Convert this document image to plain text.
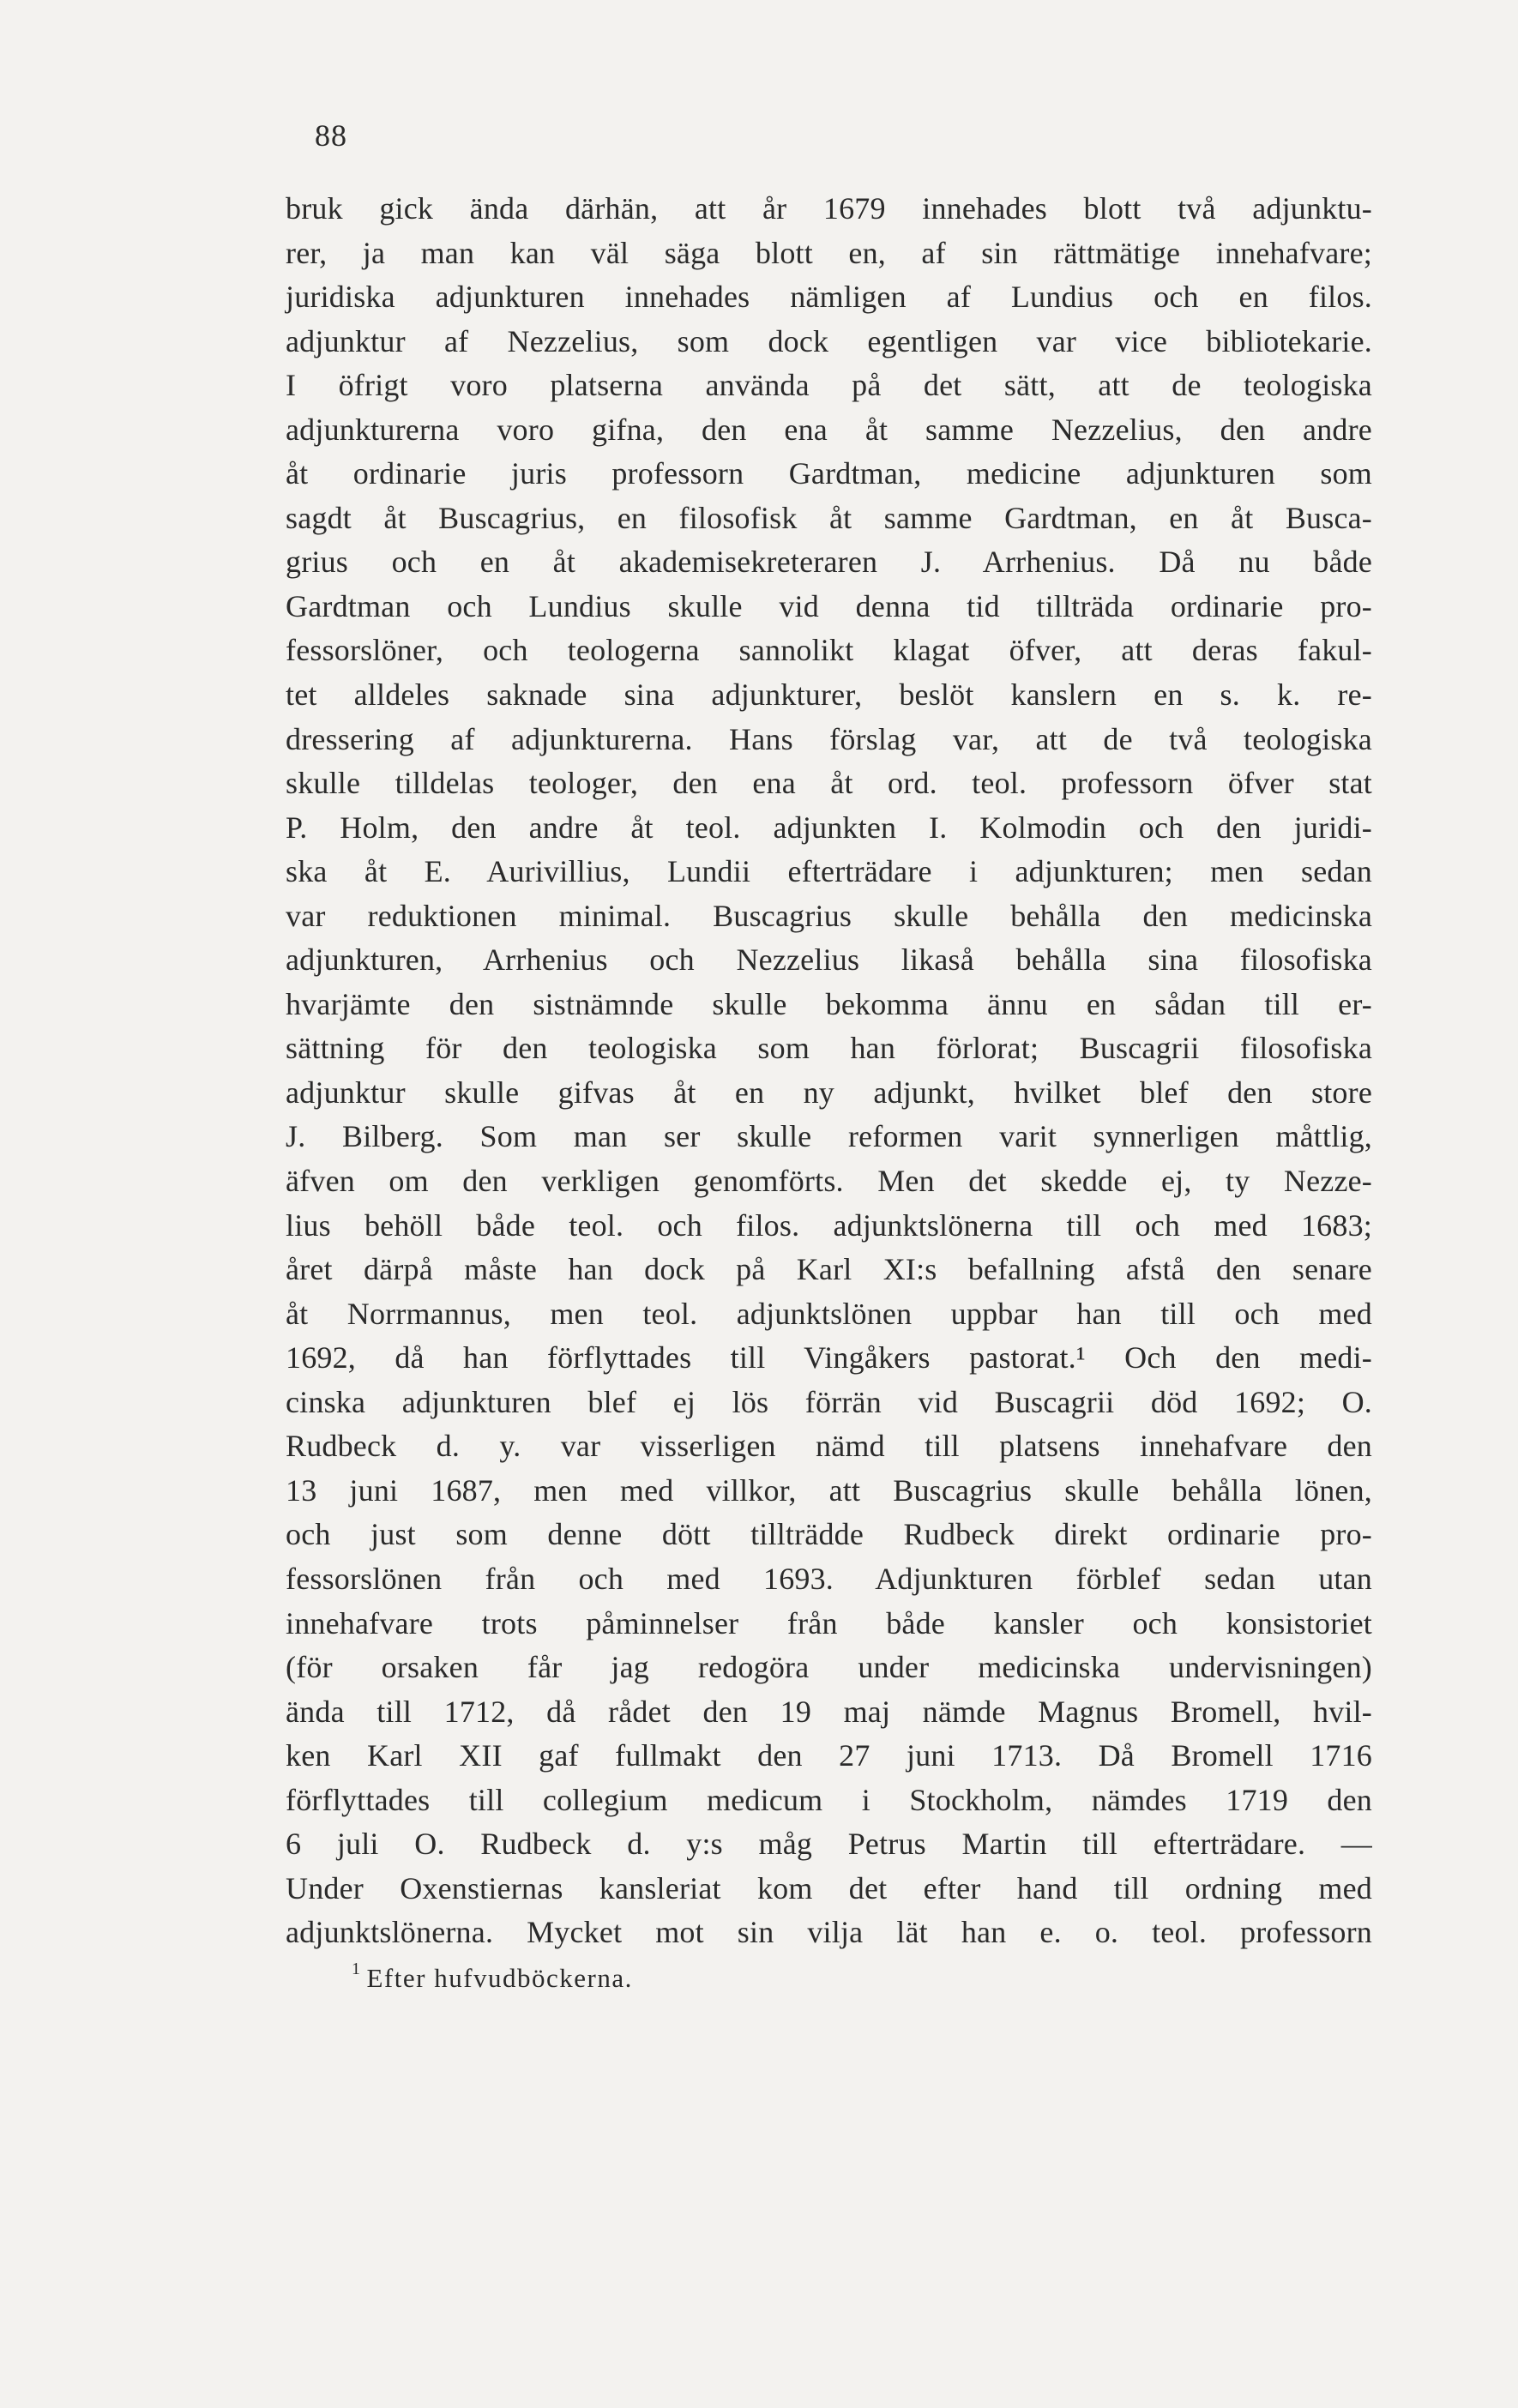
88
bruk gick ända därhän, att år 1679 innehades blott två adjunktu-
rer, ja man kan väl säga blott en, af sin rättmätige innehafvare;
juridiska adjunkturen innehades nämligen af Lundius och en filos.
adjunktur af Nezzelius, som dock egentligen var vice bibliotekarie.
I öfrigt voro platserna använda på det sätt, att de teologiska
adjunkturerna voro gifna, den ena åt samme Nezzelius, den andre
åt ordinarie juris professorn Gardtman, medicine adjunkturen som
sagdt åt Buscagrius, en filosofisk åt samme Gardtman, en åt Busca-
grius och en åt akademisekreteraren J. Arrhenius. Då nu både
Gardtman och Lundius skulle vid denna tid tillträda ordinarie pro-
fessorslöner, och teologerna sannolikt klagat öfver, att deras fakul-
tet alldeles saknade sina adjunkturer, beslöt kanslern en s. k. re-
dressering af adjunkturerna. Hans förslag var, att de två teologiska
skulle tilldelas teologer, den ena åt ord. teol. professorn öfver stat
P. Holm, den andre åt teol. adjunkten I. Kolmodin och den juridi-
ska åt E. Aurivillius, Lundii efterträdare i adjunkturen; men sedan
var reduktionen minimal. Buscagrius skulle behålla den medicinska
adjunkturen, Arrhenius och Nezzelius likaså behålla sina filosofiska
hvarjämte den sistnämnde skulle bekomma ännu en sådan till er-
sättning för den teologiska som han förlorat; Buscagrii filosofiska
adjunktur skulle gifvas åt en ny adjunkt, hvilket blef den store
J. Bilberg. Som man ser skulle reformen varit synnerligen måttlig,
äfven om den verkligen genomförts. Men det skedde ej, ty Nezze-
lius behöll både teol. och filos. adjunktslönerna till och med 1683;
året därpå måste han dock på Karl XI:s befallning afstå den senare
åt Norrmannus, men teol. adjunktslönen uppbar han till och med
1692, då han förflyttades till Vingåkers pastorat.¹ Och den medi-
cinska adjunkturen blef ej lös förrän vid Buscagrii död 1692; O.
Rudbeck d. y. var visserligen nämd till platsens innehafvare den
13 juni 1687, men med villkor, att Buscagrius skulle behålla lönen,
och just som denne dött tillträdde Rudbeck direkt ordinarie pro-
fessorslönen från och med 1693. Adjunkturen förblef sedan utan
innehafvare trots påminnelser från både kansler och konsistoriet
(för orsaken får jag redogöra under medicinska undervisningen)
ända till 1712, då rådet den 19 maj nämde Magnus Bromell, hvil-
ken Karl XII gaf fullmakt den 27 juni 1713. Då Bromell 1716
förflyttades till collegium medicum i Stockholm, nämdes 1719 den
6 juli O. Rudbeck d. y:s måg Petrus Martin till efterträdare. —
Under Oxenstiernas kansleriat kom det efter hand till ordning med
adjunktslönerna. Mycket mot sin vilja lät han e. o. teol. professorn
$^1$ Efter hufvudböckerna.
